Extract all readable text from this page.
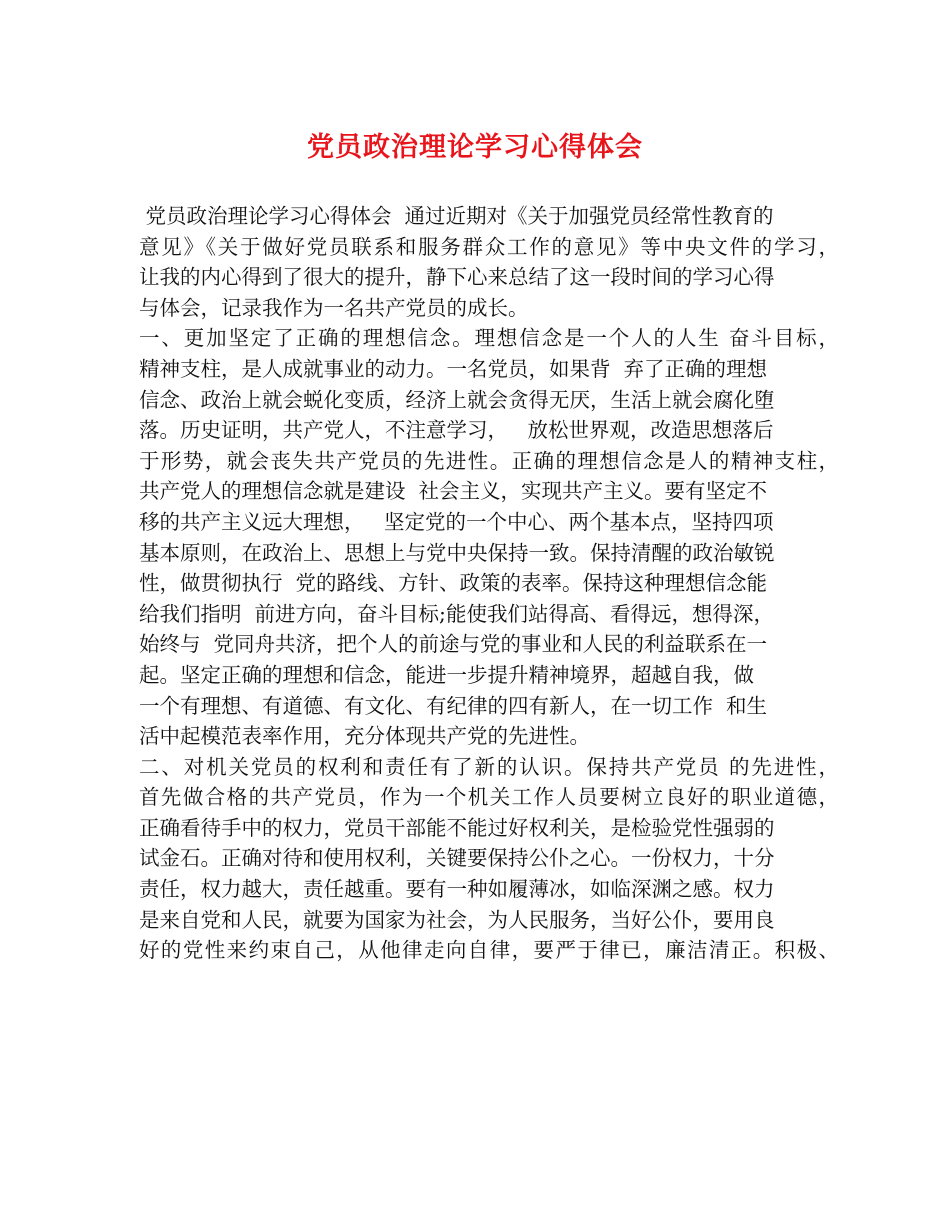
党员政治理论学习心得体会
党员政治理论学习心得体会  通过近期对《关于加强党员经常性教育的
意见》《关于做好党员联系和服务群众工作的意见》等中央文件的学习，
让我的内心得到了很大的提升，静下心来总结了这一段时间的学习心得
与体会，记录我作为一名共产党员的成长。
一、更加坚定了正确的理想信念。理想信念是一个人的人生 奋斗目标，
精神支柱，是人成就事业的动力。一名党员，如果背  弃了正确的理想
信念、政治上就会蜕化变质，经济上就会贪得无厌，生活上就会腐化堕
落。历史证明，共产党人，不注意学习，   放松世界观，改造思想落后
于形势，就会丧失共产党员的先进性。正确的理想信念是人的精神支柱，
共产党人的理想信念就是建设  社会主义，实现共产主义。要有坚定不
移的共产主义远大理想，   坚定党的一个中心、两个基本点，坚持四项
基本原则，在政治上、思想上与党中央保持一致。保持清醒的政治敏锐
性，做贯彻执行  党的路线、方针、政策的表率。保持这种理想信念能
给我们指明  前进方向，奋斗目标;能使我们站得高、看得远，想得深，
始终与  党同舟共济，把个人的前途与党的事业和人民的利益联系在一
起。坚定正确的理想和信念，能进一步提升精神境界，超越自我，做
一个有理想、有道德、有文化、有纪律的四有新人，在一切工作  和生
活中起模范表率作用，充分体现共产党的先进性。
二、对机关党员的权利和责任有了新的认识。保持共产党员 的先进性，
首先做合格的共产党员，作为一个机关工作人员要树立良好的职业道德，
正确看待手中的权力，党员干部能不能过好权利关，是检验党性强弱的
试金石。正确对待和使用权利，关键要保持公仆之心。一份权力，十分
责任，权力越大，责任越重。要有一种如履薄冰，如临深渊之感。权力
是来自党和人民，就要为国家为社会，为人民服务，当好公仆，要用良
好的党性来约束自己，从他律走向自律，要严于律已，廉洁清正。积极、
